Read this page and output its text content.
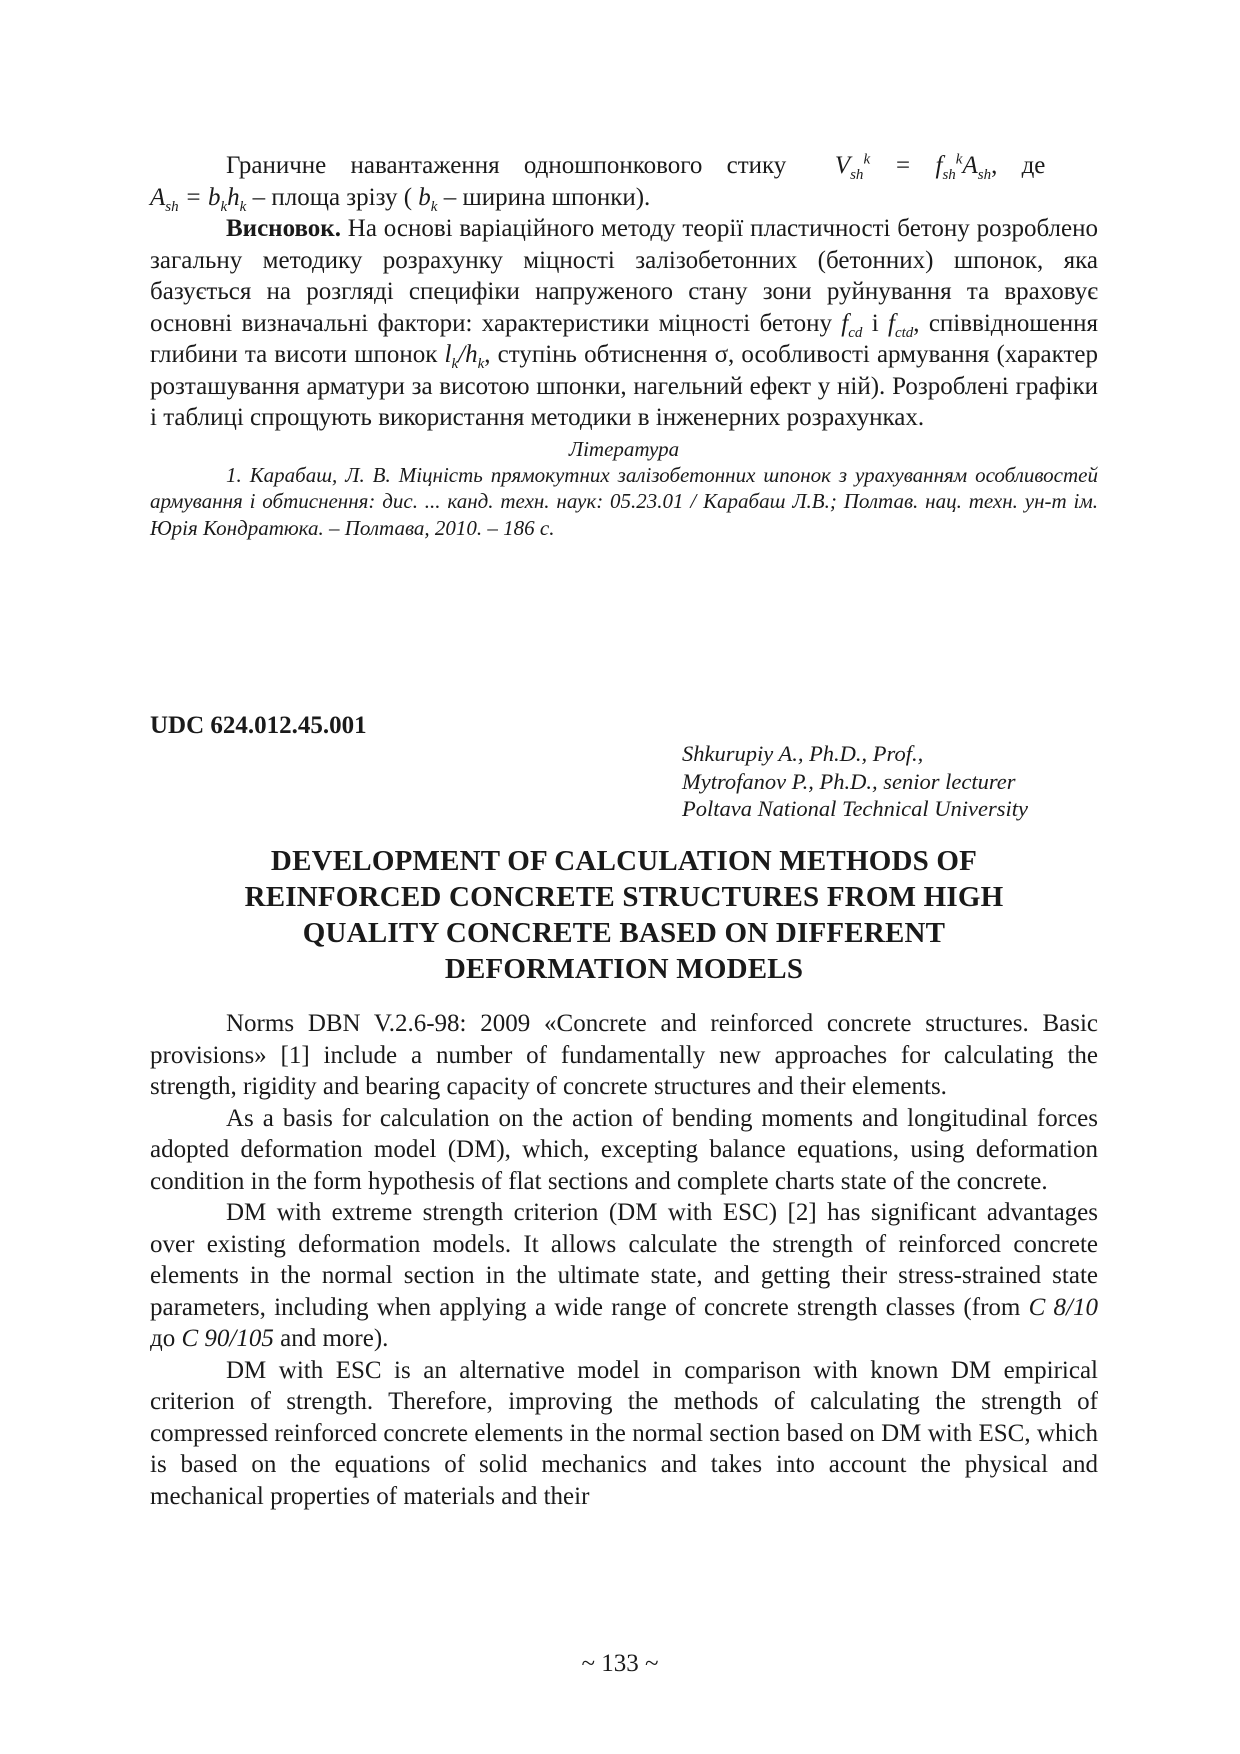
Граничне навантаження одношпонкового стику $V_{sh}^k = f_{sh}^kA_{sh}$, де

$A_{sh} = b_kh_k$ – площа зрізу ( $b_k$ – ширина шпонки).

Висновок. На основі варіаційного методу теорії пластичності бетону розроблено загальну методику розрахунку міцності залізобетонних (бетонних) шпонок, яка базується на розгляді специфіки напруженого стану зони руйнування та враховує основні визначальні фактори: характеристики міцності бетону $f_{cd}$ і $f_{ctd}$, співвідношення глибини та висоти шпонок $l_k/h_k$, ступінь обтиснення σ, особливості армування (характер розташування арматури за висотою шпонки, нагельний ефект у ній). Розроблені графіки і таблиці спрощують використання методики в інженерних розрахунках.

Література

1. Карабаш, Л. В. Міцність прямокутних залізобетонних шпонок з урахуванням особливостей армування і обтиснення: дис. ... канд. техн. наук: 05.23.01 / Карабаш Л.В.; Полтав. нац. техн. ун-т ім. Юрія Кондратюка. – Полтава, 2010. – 186 с.

UDC 624.012.45.001
Shkurupiy A., Ph.D., Prof.,
Mytrofanov P., Ph.D., senior lecturer
Poltava National Technical University
DEVELOPMENT OF CALCULATION METHODS OF
REINFORCED CONCRETE STRUCTURES FROM HIGH
QUALITY CONCRETE BASED ON DIFFERENT
DEFORMATION MODELS

Norms DBN V.2.6-98: 2009 «Concrete and reinforced concrete structures. Basic provisions» [1] include a number of fundamentally new approaches for calculating the strength, rigidity and bearing capacity of concrete structures and their elements.

As a basis for calculation on the action of bending moments and longitudinal forces adopted deformation model (DM), which, excepting balance equations, using deformation condition in the form hypothesis of flat sections and complete charts state of the concrete.

DM with extreme strength criterion (DM with ESC) [2] has significant advantages over existing deformation models. It allows calculate the strength of reinforced concrete elements in the normal section in the ultimate state, and getting their stress-strained state parameters, including when applying a wide range of concrete strength classes (from C 8/10 до C 90/105 and more).

DM with ESC is an alternative model in comparison with known DM empirical criterion of strength. Therefore, improving the methods of calculating the strength of compressed reinforced concrete elements in the normal section based on DM with ESC, which is based on the equations of solid mechanics and takes into account the physical and mechanical properties of materials and their

~ 133 ~
